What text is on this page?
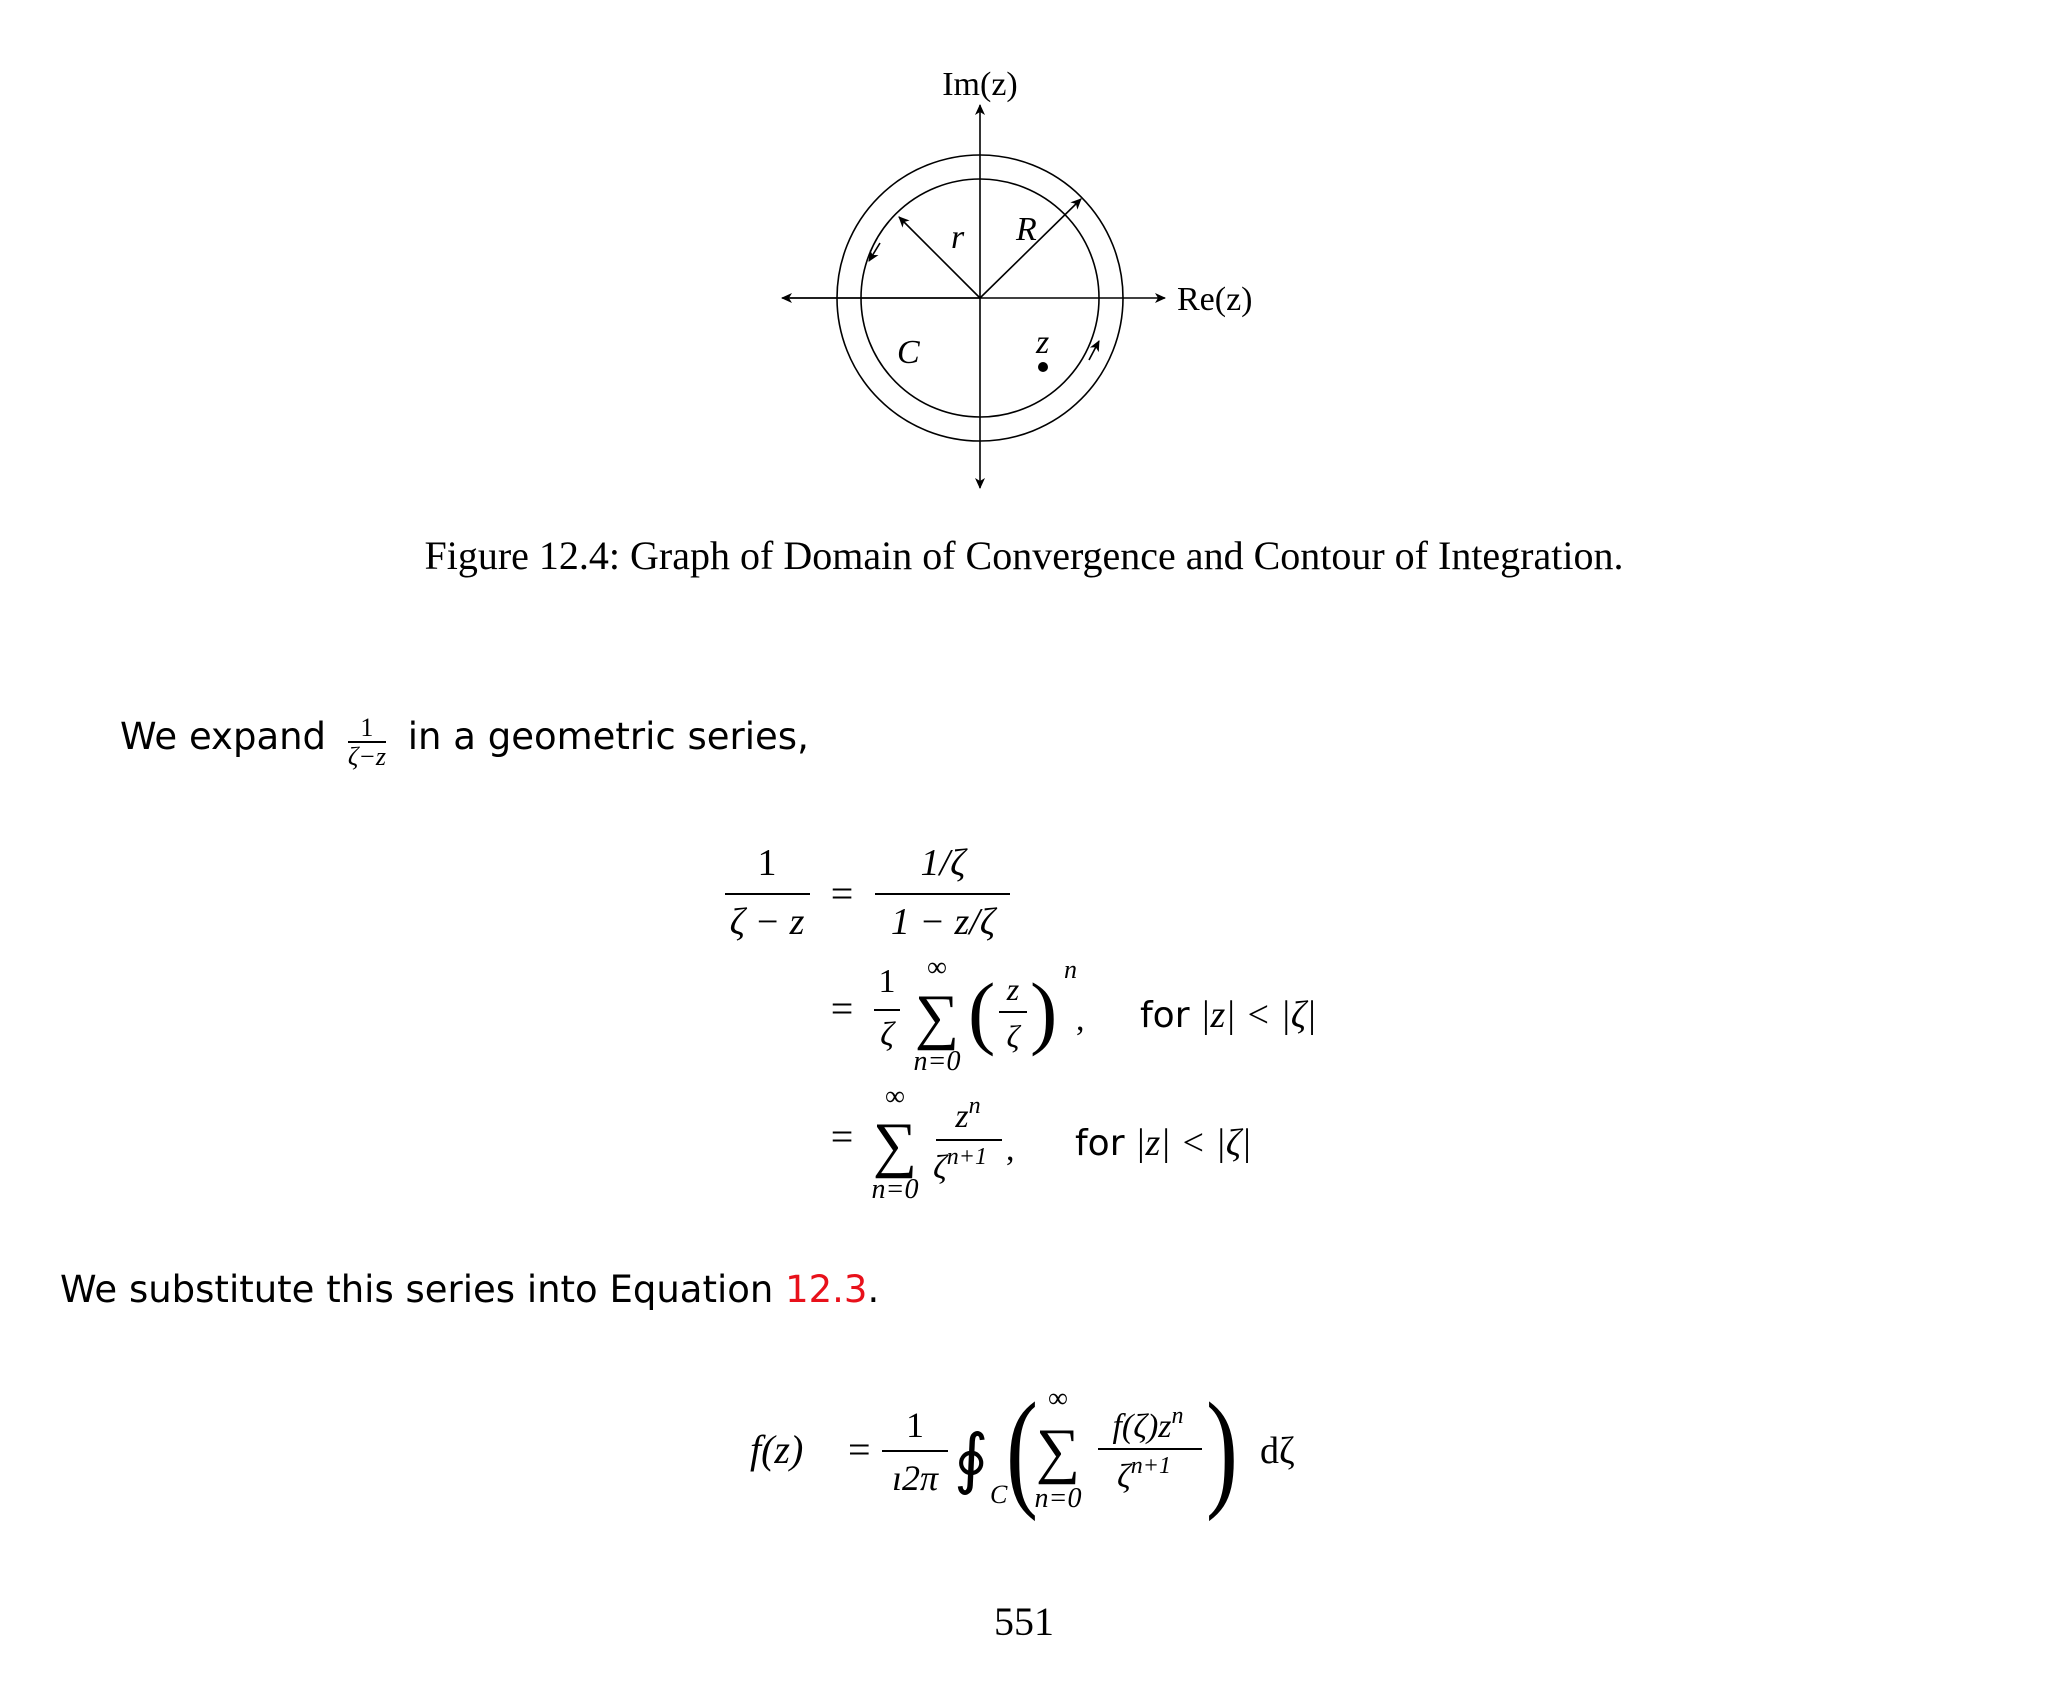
Im(z)
Re(z)
r R
C	z
Figure 12.4: Graph of Domain of Convergence and Contour of Integration.
We expand $\frac{1}{\zeta-z}$ in a geometric series,
1
ζ − z
=
1/ζ
1 − z/ζ
=
1
ζ
∞
∑
n=0
( z
ζ ) n
, for |z| < |ζ|
=
∞
∑
n=0
$z^n$
$\zeta^{n+1}$ , for |z| < |ζ|
We substitute this series into Equation 12.3.
f(z) =
1
ı2π ∮ C
( ∞
∑
n=0
$f(\zeta)z^n$
$\zeta^{n+1}$ ) dζ
551
